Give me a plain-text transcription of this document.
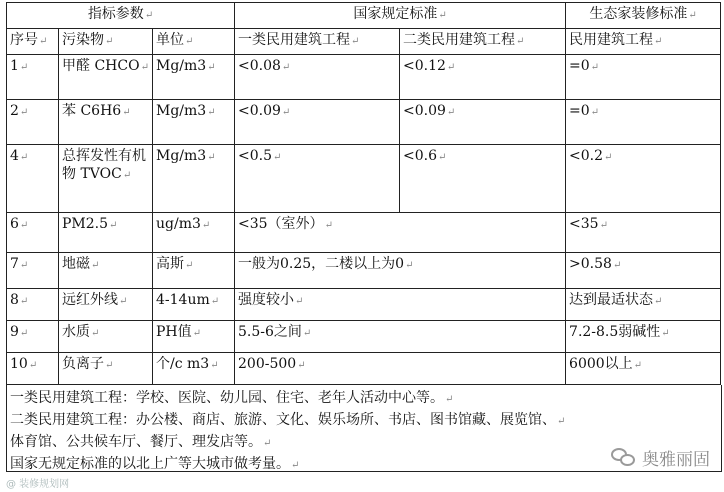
指标参数↵			国家规定标准↵		生态家装修标准↵
序号↵	污染物↵	单位↵	一类民用建筑工程↵	二类民用建筑工程↵	民用建筑工程↵
1↵	甲醛 CHCO↵	Mg/m3↵	<0.08↵	<0.12↵	=0↵
2↵	苯 C6H6↵	Mg/m3↵	<0.09↵	<0.09↵	=0↵
4↵	总挥发性有机物 TVOC↵	Mg/m3↵	<0.5↵	<0.6↵	<0.2↵
6↵	PM2.5↵	ug/m3↵	<35（室外）↵		<35↵
7↵	地磁↵	高斯↵	一般为0.25，二楼以上为0↵		>0.58↵
8↵	远红外线↵	4-14um↵	强度较小↵		达到最适状态↵
9↵	水质↵	PH值↵	5.5-6之间↵		7.2-8.5弱碱性↵
10↵	负离子↵	个/c m3↵	200-500↵		6000以上↵
一类民用建筑工程：学校、医院、幼儿园、住宅、老年人活动中心等。↵
二类民用建筑工程：办公楼、商店、旅游、文化、娱乐场所、书店、图书馆藏、展览馆、↵
体育馆、公共候车厅、餐厅、理发店等。↵
国家无规定标准的以北上广等大城市做考量。↵
@ 装修规划网
奥雅丽固
